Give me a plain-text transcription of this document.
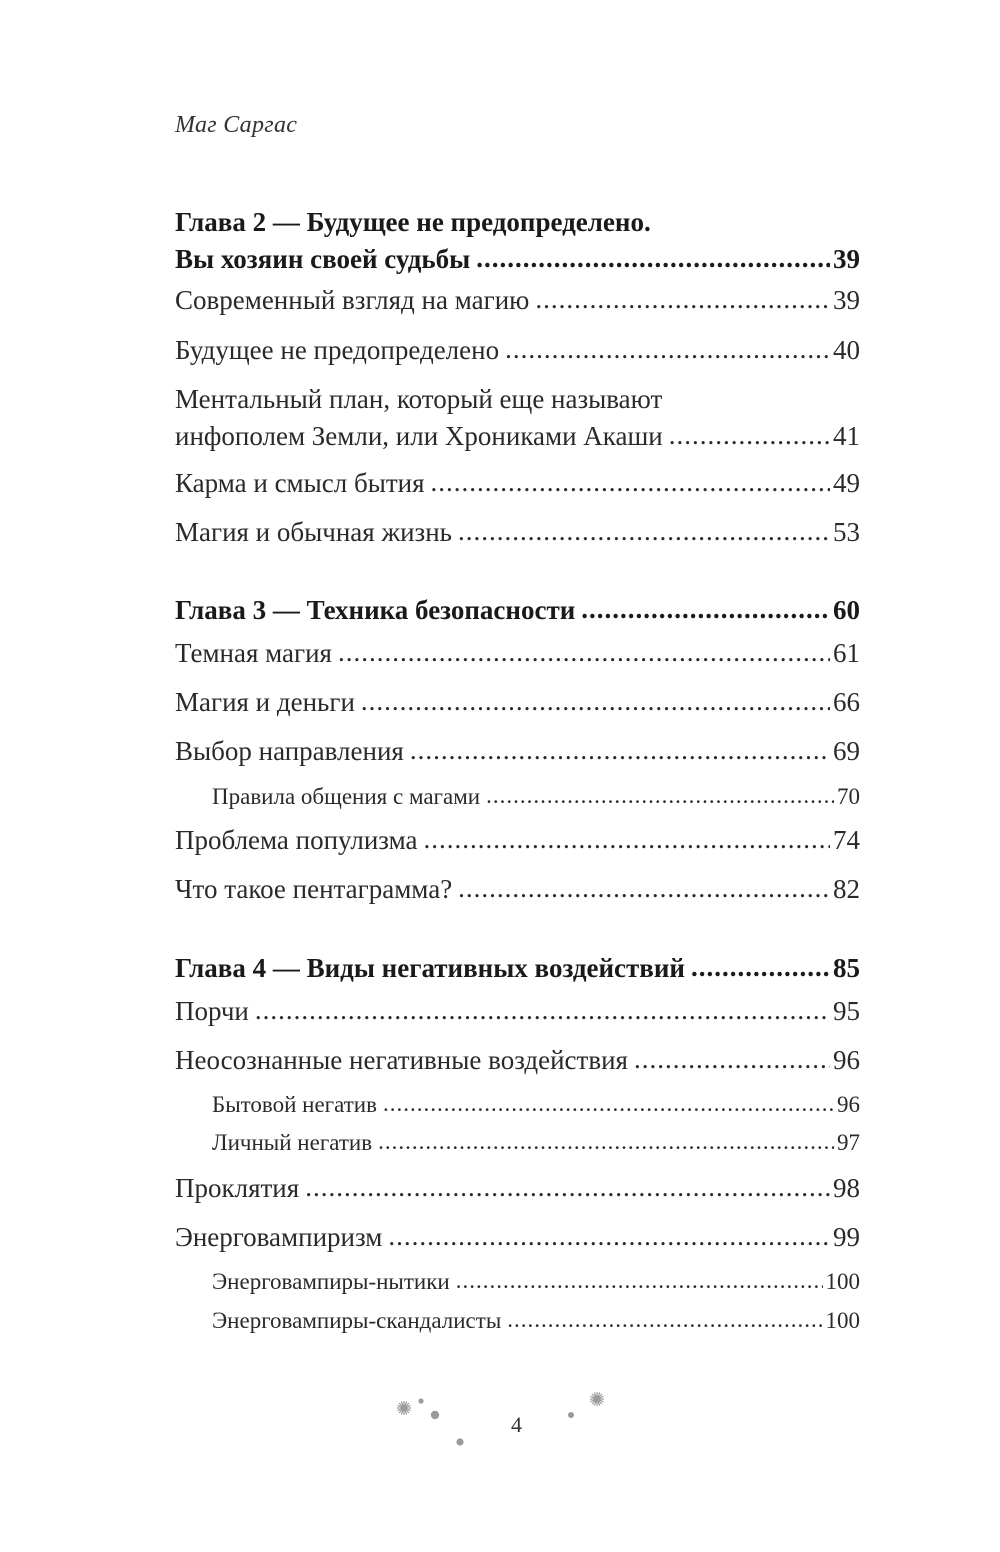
Маг Саргас
Глава 2 — Будущее не предопределено.
Вы хозяин своей судьбы .....	39
Современный взгляд на магию .....	39
Будущее не предопределено .....	40
Ментальный план, который еще называют
инфополем Земли, или Хрониками Акаши .....	41
Карма и смысл бытия .....	49
Магия и обычная жизнь .....	53
Глава 3 — Техника безопасности .....	60
Темная магия .....	61
Магия и деньги .....	66
Выбор направления .....	69
Правила общения с магами .....	70
Проблема популизма .....	74
Что такое пентаграмма? .....	82
Глава 4 — Виды негативных воздействий .....	85
Порчи .....	95
Неосознанные негативные воздействия .....	96
Бытовой негатив .....	96
Личный негатив .....	97
Проклятия .....	98
Энерговампиризм .....	99
Энерговампиры-нытики .....	100
Энерговампиры-скандалисты .....	100
4
